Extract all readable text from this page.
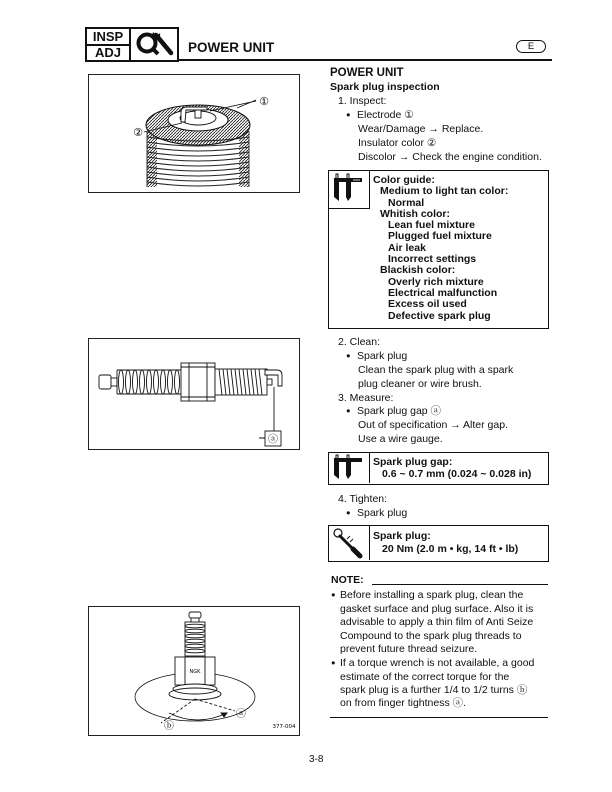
INSP
ADJ	POWER UNIT	E
①
②
ⓐ
NGK
ⓑ
ⓐ
377-004
POWER UNIT
Spark plug inspection
1. Inspect:
● Electrode ①
Wear/Damage → Replace.
Insulator color ②
Discolor → Check the engine condition.
Color guide:
Medium to light tan color:
Normal
Whitish color:
Lean fuel mixture
Plugged fuel mixture
Air leak
Incorrect settings
Blackish color:
Overly rich mixture
Electrical malfunction
Excess oil used
Defective spark plug
2. Clean:
● Spark plug
Clean the spark plug with a spark
plug cleaner or wire brush.
3. Measure:
● Spark plug gap ⓐ
Out of specification → Alter gap.
Use a wire gauge.
Spark plug gap:
0.6 ~ 0.7 mm (0.024 ~ 0.028 in)
4. Tighten:
● Spark plug
Spark plug:
20 Nm (2.0 m • kg, 14 ft • lb)
NOTE:
● Before installing a spark plug, clean the
gasket surface and plug surface. Also it is
advisable to apply a thin film of Anti Seize
Compound to the spark plug threads to
prevent future thread seizure.
● If a torque wrench is not available, a good
estimate of the correct torque for the
spark plug is a further 1/4 to 1/2 turns ⓑ
on from finger tightness ⓐ.
3-8
